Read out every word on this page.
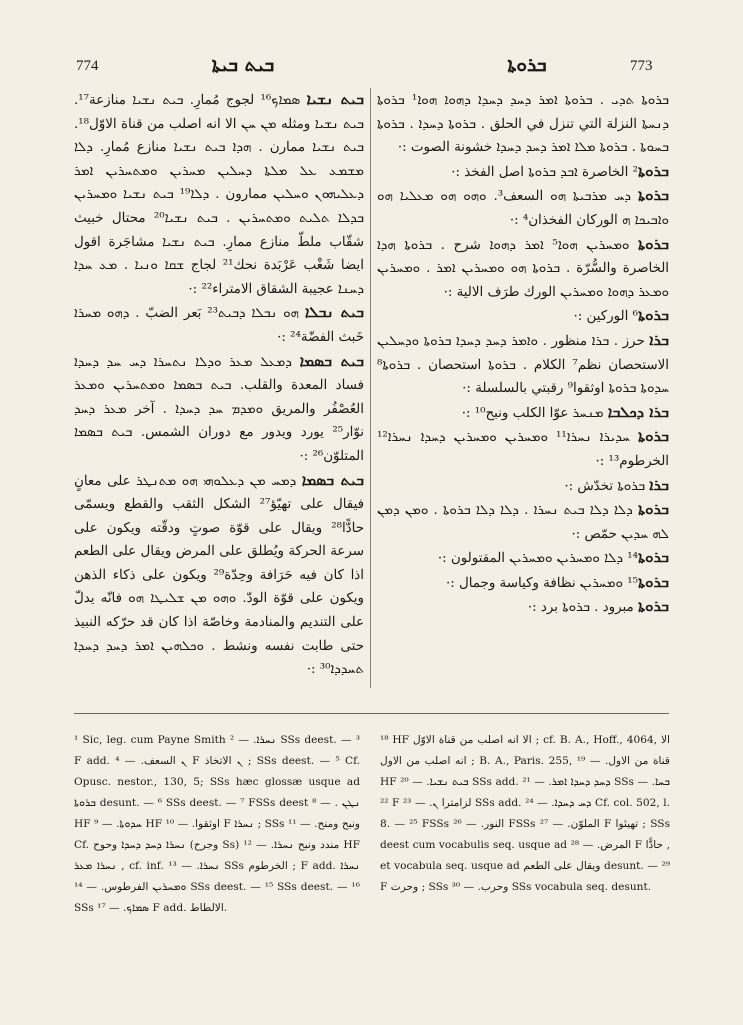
774	ܒܝܬ ܒܝܬܐ	ܒܪܘܬܐ	773

ܒܝܬ ܢܫܝܐ ܣܡܐܟ¹⁶ لجوج مُمارِ. ܒܝܬ ܢܫܝܐ منازعة¹⁷. ܒܝܬ ܢܫܝܐ ومثله ܡܢ ܚܢ الا انه اصلب من قناة الاوّل¹⁸. ܒܝܬ ܢܫܝܐ ممارن . ܗܕܐ ܒܝܬ ܢܫܝܐ منازع مُمارِ. ܕܠܐ ܡܫܡܥ ܥܠ ܡܠܬܐ ܕܚܠܝܢ ܡܚܪܝܢ ܘܡܬܚܪܝܢ ܐܡܪ ܕܥܠܝܗܘܢ ܘܚܠܝܢ ممارون . ܕܠܐ¹⁹ ܒܝܬ ܢܫܝܐ ܘܡܚܪܝܢ ܒܕܠܐ ܬܠܝܬ ܘܡܬܚܪܝܢ . ܒܝܬ ܢܫܝܐ²⁰ محتال خبيث شقّاب ملطّ منازع ممارِ. ܒܝܬ ܢܫܝܐ مشاجَرة اقول ايضا شَغْب عَرْبَدة نحك²¹ لجاج ܫܩܐ ܘܢܝܐ . ܡܥ ܚܕܐ ܕܚܢܐ عجيبة الشقاق الامتراء²² :·

ܒܝܬ ܢܒܠܐ ܗܘ ܢܒܠܐ ܕܒܝܬ²³ بَعر الضبّ . ܕܗܘ ܡܚܪܐ خَبث الفضّة²⁴ :·

ܒܝܬ ܒܣܡܐ ܕܡܥܠ ܡܥܪ ܘܕܠܐ ܢܬܚܪܐ ܕܚ ܚܕ ܕܚܕܐ فساد المعدة والقلب. ܒܝܬ ܒܣܡܐ ܘܡܬܚܪܝܢ ܘܡܥܪ العُصْفُر والمريق ܘܡܕܡ ܚܕ ܕܚܕܐ . آخر ܡܥܪ ܕܚܕ نوّار²⁵ يورد ويدور مع دوران الشمس. ܒܝܬ ܒܣܡܐ المتلوّن²⁶ :·

ܒܝܬ ܒܣܡܐ ܕܡܚ ܡܢ ܕܥܠܘܗܝ ܗܘ ܡܬܢܛܪ على معانٍ فيقال على تهيّؤ²⁷ الشكل الثقب والقطع ويسمّى حادًّا²⁸ ويقال على قوّة صوتٍ ودقّته ويكون على سرعة الحركة ويُطلق على المرض ويقال على الطعم اذا كان فيه حَرَافة وحِدّة²⁹ ويكون على ذكاء الذهن ويكون على قوّة الودّ. ܘܗܘ ܡܢ ܫܠܝܛܐ ܗܘ فانّه يدلّ على التنديم والمنادمة وخاصّة اذا كان قد حرّكه النبيذ حتى طابت نفسه ونشط . ܘܟܠܗܝܢ ܐܡܪ ܕܚܕ ܕܚܕܐ ܬܚܕܕܐ³⁰ :·

ܒܪܘܬܐ ܬܕܝ . ܒܪܘܬܐ ܐܡܪ ܕܚܕ ܕܚܕܐ ܕܗܘܐ ܗܘܐ¹ ܒܪܘܬܐ ܕܢܚܬܐ النزلة التي تنزل في الحلق . ܒܪܘܬܐ ܕܚܕܐ . ܒܪܘܬܐ ܒܚܘܬܐ . ܒܪܘܬܐ ܡܠܐ ܐܡܪ ܕܚܕ ܕܚܕܐ خشونة الصوت :·

ܒܪܘܬܐ² الخاصرة ܐܒܕ ܒܪܘܬܐ اصل الفخذ :·

ܒܪܘܬܐ ܕܚ ܡܪܒܝܬܐ ܗܘ السعف³. ܘܗܘ ܗܘ ܡܥܠܝܐ ܗܘ ܘܐܒܝܟܐ ܗ الوركان الفخذان⁴ :·

ܒܪܘܬܐ ܘܡܚܪܝܢ ܗܘܐ⁵ ܐܡܪ ܕܗܘܐ شرح . ܒܪܘܬܐ ܗܕܐ الخاصرة والسُّرّة . ܒܪܘܬܐ ܗܘ ܘܡܚܪܝܢ ܐܡܪ . ܘܡܚܪܝܢ ܘܡܥܪ ܕܗܘܐ ܘܡܚܪܝܢ الورك طرَف الالية :·

ܒܪܘܬܐ⁶ الوركين :·

ܒܪܐ حرز . ܒܪܐ منظور . ܘܐܡܪ ܕܚܕ ܕܚܕܐ ܒܪܘܬܐ ܘܕܚܠܝܢ الاستحصان نظم⁷ الكلام . ܒܪܘܬܐ استحصان . ܒܪܘܬܐ⁸ ܚܕܘܬܐ ܒܪܘܬܐ اوثقوا⁹ رقبتي بالسلسلة :·

ܒܪܐ ܕܟܠܒܐ ܡܢܚܪ عوّا الكلب ونبح¹⁰ :·

ܒܪܘܬܐ ܚܕܝܪܐ ܢܚܪܐ¹¹ ܘܡܚܪܝܢ ܘܡܚܪܝܢ ܕܚܕܐ ܢܚܪܐ¹² الخرطوم¹³ :·

ܒܪܐ ܒܪܘܬܐ تخدّش :·

ܒܪܘܬܐ ܕܠܐ ܕܠܐ ܒܝܬ ܢܚܪܐ . ܕܠܐ ܕܠܐ ܒܪܘܬܐ . ܘܡܢ ܕܡܢ ܠܗ ܚܕܝܢ حمّص :·

ܒܪܘܬܐ¹⁴ ܕܠܐ ܘܡܚܪܝܢ ܘܡܚܪܝܢ المقتولون :·

ܒܪܘܬܐ¹⁵ ܘܡܚܪܝܢ نظافة وكياسة وجمال :·

ܒܪܘܬܐ مبرود . ܒܪܘܬܐ برد :·

¹ Sic, leg. cum Payne Smith ܢܚܪܐ. — ² SSs deest. — ³ F add. ܢ السعف. — ⁴ F ܢ الاتخاذ ; SSs deest. — ⁵ Cf. Opusc. nestor., 130, 5; SSs hæc glossæ usque ad ܒܪܘܬܐ desunt. — ⁶ SSs deest. — ⁷ FSSs deest ܢܛܢ . — ⁸ HF ܚܕܘܬܐ. — ⁹ HF اوثقوا. — ¹⁰ F ܢܚܪܐ ; SSs ونبح ومنح. — ¹¹ Cf. ܢܚܪܐ ܕܚܕ ܕܚܕܐ وحوح (وجرح Ss) مندد ونبح ܢܚܪܐ. — ¹² HF ܢܚܪܐ ܡܥܪ , cf. inf. ܢܚܪܐ. — ¹³ SSs الخرطوم ; F add. ܢܚܪܐ ܘܡܚܪܝܢ الفرطوس. — ¹⁴ SSs deest. — ¹⁵ SSs deest. — ¹⁶ SSs ܣܡܐܟ. — ¹⁷ F add. الالطاط.
¹⁸ HF الا انه اصلب من قناة الاوّل ; cf. B. A., Hoff., 4064, الا انه اصلب من الاول ; B. A., Paris. 255, قناة من الاول. — ¹⁹ HF ܒܝܬ ܢܫܝܐ. — ²⁰ SSs add. ܕܚܕ ܕܚܕܐ ܐܡܪ. — ²¹ SSs ܒܚܐ. — ²² F لزامترا ܢ. — ²³ SSs add. ܕܚ ܕܚܕܐ. — ²⁴ Cf. col. 502, l. 8. — ²⁵ FSSs النور. — ²⁶ FSSs الملوّن. — ²⁷ F تهيئوا ; SSs deest cum vocabulis seq. usque ad المرض. — ²⁸ F حادًّا , et vocabula seq. usque ad ويقال على الطعم desunt. — ²⁹ F وحرت ; SSs وحرب. — ³⁰ SSs vocabula seq. desunt.
